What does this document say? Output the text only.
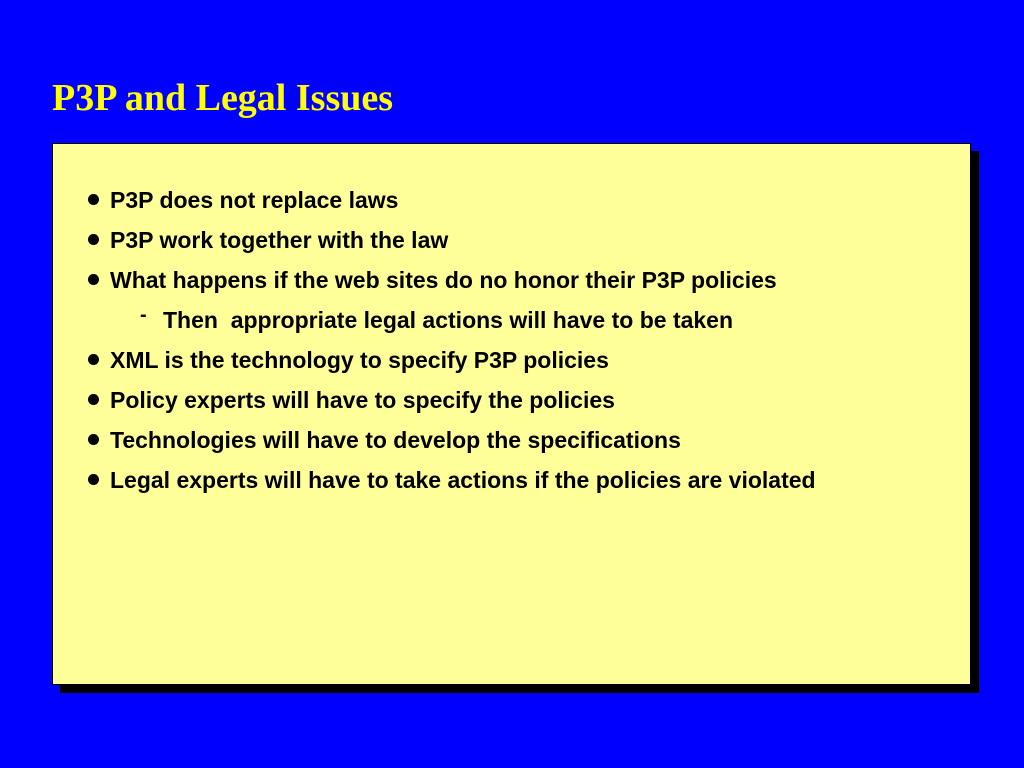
P3P and Legal Issues
P3P does not replace laws
P3P work together with the law
What happens if the web sites do no honor their P3P policies
- Then  appropriate legal actions will have to be taken
XML is the technology to specify P3P policies
Policy experts will have to specify the policies
Technologies will have to develop the specifications
Legal experts will have to take actions if the policies are violated
